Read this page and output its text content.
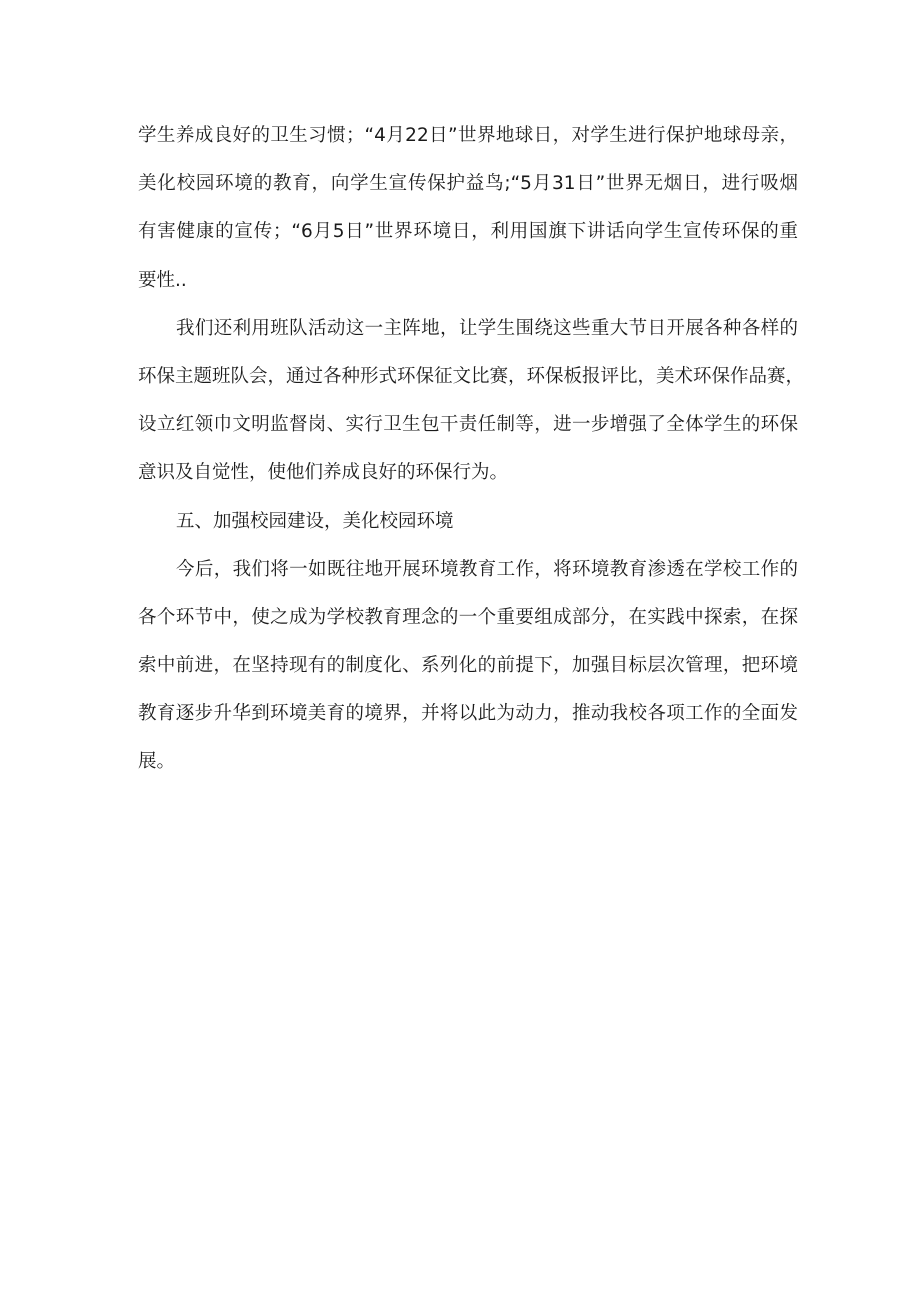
学生养成良好的卫生习惯；“4月22日”世界地球日，对学生进行保护地球母亲，
美化校园环境的教育，向学生宣传保护益鸟;“5月31日”世界无烟日，进行吸烟
有害健康的宣传；“6月5日”世界环境日，利用国旗下讲话向学生宣传环保的重
要性..
我们还利用班队活动这一主阵地，让学生围绕这些重大节日开展各种各样的
环保主题班队会，通过各种形式环保征文比赛，环保板报评比，美术环保作品赛，
设立红领巾文明监督岗、实行卫生包干责任制等，进一步增强了全体学生的环保
意识及自觉性，使他们养成良好的环保行为。
五、加强校园建设，美化校园环境
今后，我们将一如既往地开展环境教育工作，将环境教育渗透在学校工作的
各个环节中，使之成为学校教育理念的一个重要组成部分，在实践中探索，在探
索中前进，在坚持现有的制度化、系列化的前提下，加强目标层次管理，把环境
教育逐步升华到环境美育的境界，并将以此为动力，推动我校各项工作的全面发
展。
